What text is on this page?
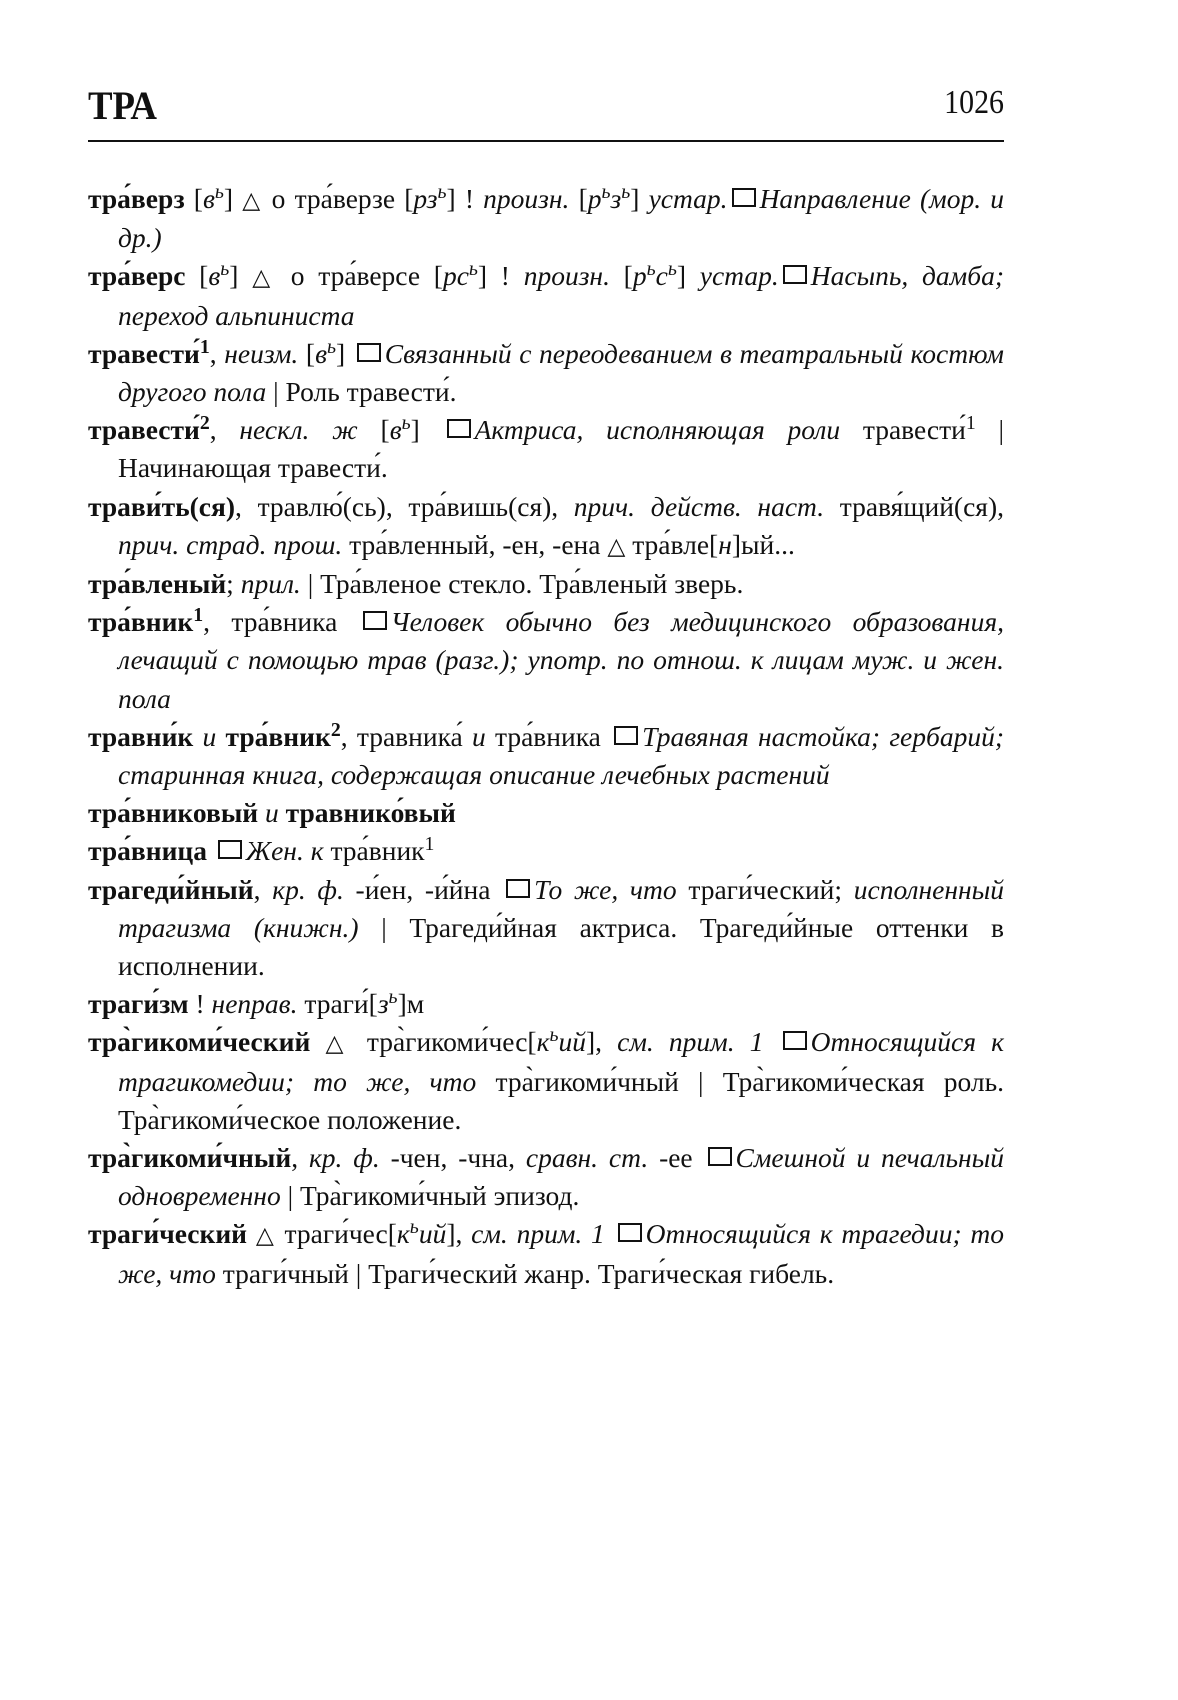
ТРА	1026

тра́верз $[в^ь]$ △ о тра́верзе $[рз^ь]$ ! произн. $[р^ьз^ь]$ устар. Направление (мор. и др.)

тра́верс $[в^ь]$ △ о тра́версе $[рс^ь]$ ! произн. $[р^ьс^ь]$ устар. Насыпь, дамба; переход альпиниста

травести́$^1$, неизм. $[в^ь]$ Связанный с переодеванием в театральный костюм другого пола | Роль травести́.

травести́$^2$, нескл. ж $[в^ь]$ Актриса, исполняющая роли травести́$^1$ | Начинающая травести́.

трави́ть(ся), травлю́(сь), тра́вишь(ся), прич. действ. наст. травя́щий(ся), прич. страд. прош. тра́вленный, -ен, -ена △ тра́вле[н]ый...

тра́вленый; прил. | Тра́вленое стекло. Тра́вленый зверь.

тра́вник$^1$, тра́вника Человек обычно без медицинского образования, лечащий с помощью трав (разг.); употр. по отнош. к лицам муж. и жен. пола

травни́к и тра́вник$^2$, травника́ и тра́вника Травяная настойка; гербарий; старинная книга, содержащая описание лечебных растений

тра́вниковый и травнико́вый

тра́вница Жен. к тра́вник$^1$

трагеди́йный, кр. ф. -и́ен, -и́йна То же, что траги́ческий; исполненный трагизма (книжн.) | Трагеди́йная актриса. Трагеди́йные оттенки в исполнении.

траги́зм ! неправ. $траги́[з^ь]м$

тра̀гикоми́ческий △ $тра̀гикоми́чес[к^ьий]$, см. прим. 1 Относящийся к трагикомедии; то же, что тра̀гикоми́чный | Тра̀гикоми́ческая роль. Тра̀гикоми́ческое положение.

тра̀гикоми́чный, кр. ф. -чен, -чна, сравн. ст. -ее Смешной и печальный одновременно | Тра̀гикоми́чный эпизод.

траги́ческий △ $траги́чес[к^ьий]$, см. прим. 1 Относящийся к трагедии; то же, что траги́чный | Траги́ческий жанр. Траги́ческая гибель.
